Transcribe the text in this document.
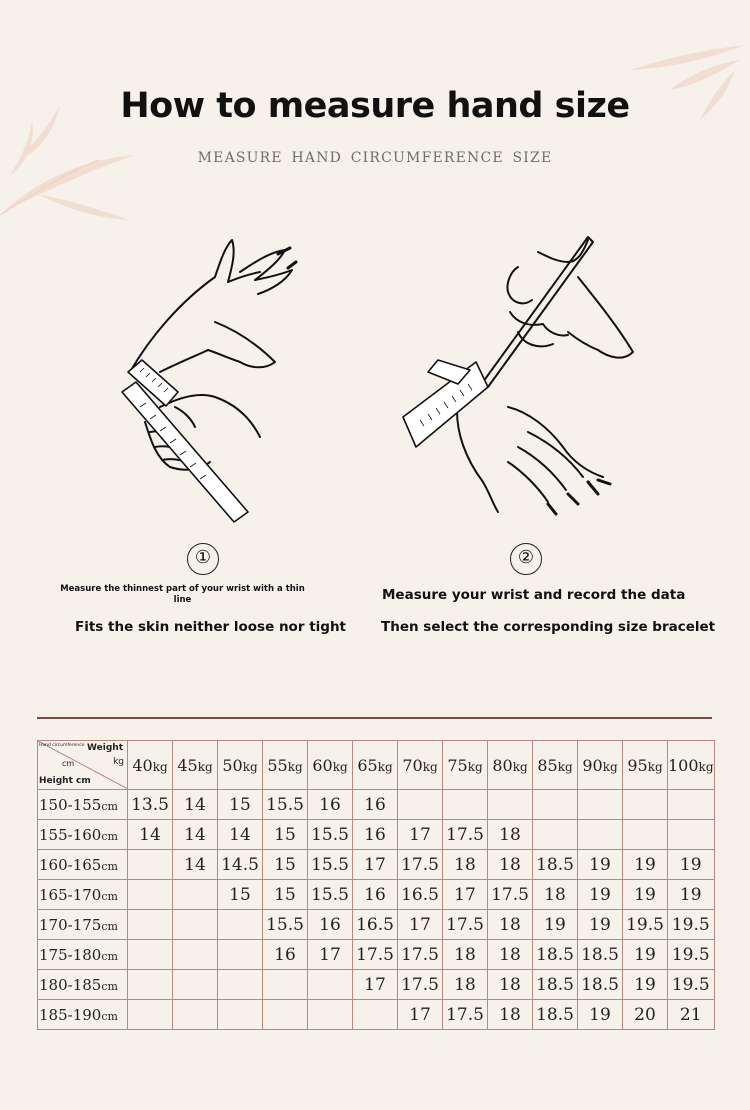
How to measure hand size
MEASURE HAND CIRCUMFERENCE SIZE
①	②
Measure the thinnest part of your wrist with a thin line
Fits the skin neither loose nor tight
Measure your wrist and record the data
Then select the corresponding size bracelet
Hand circumference Weight
kg
cm
Height cm	40kg	45kg	50kg	55kg	60kg	65kg	70kg	75kg	80kg	85kg	90kg	95kg	100kg
150-155cm	13.5	14	15	15.5	16	16							
155-160cm	14	14	14	15	15.5	16	17	17.5	18				
160-165cm		14	14.5	15	15.5	17	17.5	18	18	18.5	19	19	19
165-170cm			15	15	15.5	16	16.5	17	17.5	18	19	19	19
170-175cm				15.5	16	16.5	17	17.5	18	19	19	19.5	19.5
175-180cm				16	17	17.5	17.5	18	18	18.5	18.5	19	19.5
180-185cm						17	17.5	18	18	18.5	18.5	19	19.5
185-190cm							17	17.5	18	18.5	19	20	21
